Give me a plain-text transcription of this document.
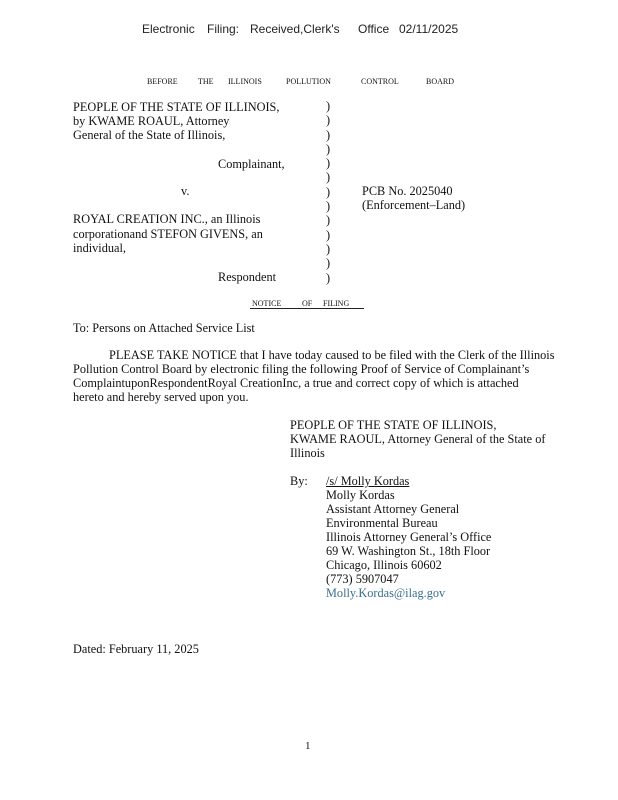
Electronic Filing: Received,Clerk's Office 02/11/2025
BEFORE	THE ILLINOIS	POLLUTION	CONTROL	BOARD
PEOPLE OF THE STATE OF ILLINOIS,
by KWAME ROAUL, Attorney
General of the State of Illinois,
Complainant,
v.	PCB No. 2025040
(Enforcement–Land)
ROYAL CREATION INC., an Illinois
corporationand STEFON GIVENS, an
individual,
Respondent
)
)
)
)
)
)
)
)
)
)
)
)
)
NOTICE	OF FILING
To: Persons on Attached Service List
PLEASE TAKE NOTICE that I have today caused to be filed with the Clerk of the Illinois
Pollution Control Board by electronic filing the following Proof of Service of Complainant’s
ComplaintuponRespondentRoyal CreationInc, a true and correct copy of which is attached
hereto and hereby served upon you.
PEOPLE OF THE STATE OF ILLINOIS,
KWAME RAOUL, Attorney General of the State of
Illinois
By: /s/ Molly Kordas
Molly Kordas
Assistant Attorney General
Environmental Bureau
Illinois Attorney General’s Office
69 W. Washington St., 18th Floor
Chicago, Illinois 60602
(773) 5907047
Molly.Kordas@ilag.gov
Dated: February 11, 2025
1
